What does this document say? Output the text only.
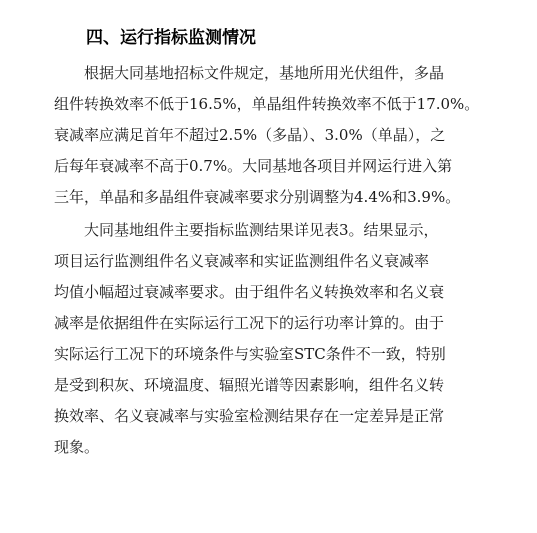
四、运行指标监测情况
根据大同基地招标文件规定，基地所用光伏组件，多晶
组件转换效率不低于16.5%，单晶组件转换效率不低于17.0%。
衰减率应满足首年不超过2.5%（多晶）、3.0%（单晶），之
后每年衰减率不高于0.7%。大同基地各项目并网运行进入第
三年，单晶和多晶组件衰减率要求分别调整为4.4%和3.9%。
大同基地组件主要指标监测结果详见表3。结果显示，
项目运行监测组件名义衰减率和实证监测组件名义衰减率
均值小幅超过衰减率要求。由于组件名义转换效率和名义衰
减率是依据组件在实际运行工况下的运行功率计算的。由于
实际运行工况下的环境条件与实验室STC条件不一致，特别
是受到积灰、环境温度、辐照光谱等因素影响，组件名义转
换效率、名义衰减率与实验室检测结果存在一定差异是正常
现象。
